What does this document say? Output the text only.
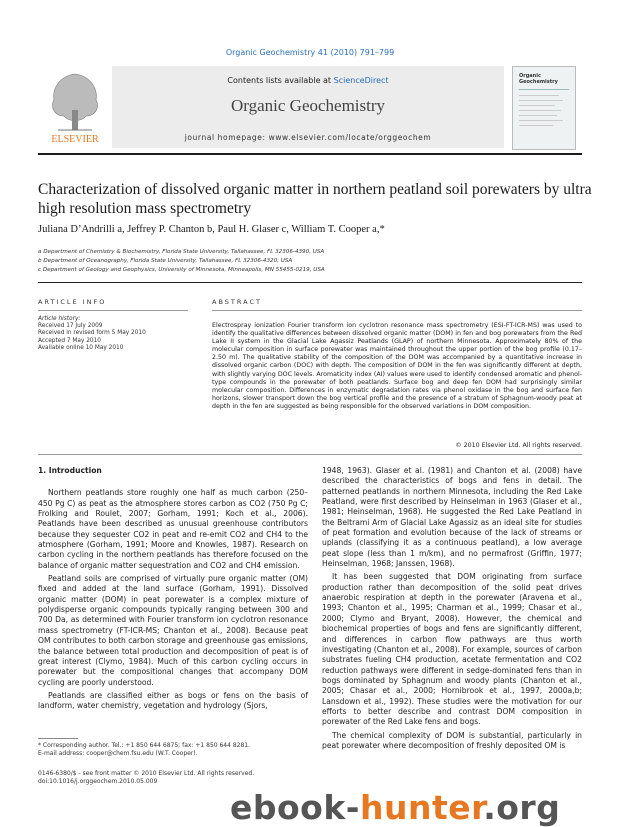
Organic Geochemistry 41 (2010) 791–799
ELSEVIER
Contents lists available at ScienceDirect
Organic Geochemistry
journal homepage: www.elsevier.com/locate/orggeochem
Organic Geochemistry
Characterization of dissolved organic matter in northern peatland soil porewaters by ultra high resolution mass spectrometry
Juliana D’Andrilli a, Jeffrey P. Chanton b, Paul H. Glaser c, William T. Cooper a,*
a Department of Chemistry & Biochemistry, Florida State University, Tallahassee, FL 32306-4390, USA
b Department of Oceanography, Florida State University, Tallahassee, FL 32306-4320, USA
c Department of Geology and Geophysics, University of Minnesota, Minneapolis, MN 55455-0219, USA
ARTICLE INFO	ABSTRACT
Article history:
Received 17 July 2009
Received in revised form 5 May 2010
Accepted 7 May 2010
Available online 10 May 2010
Electrospray ionization Fourier transform ion cyclotron resonance mass spectrometry (ESI-FT-ICR-MS) was used to identify the qualitative differences between dissolved organic matter (DOM) in fen and bog porewaters from the Red Lake II system in the Glacial Lake Agassiz Peatlands (GLAP) of northern Minnesota. Approximately 80% of the molecular composition in surface porewater was maintained throughout the upper portion of the bog profile (0.17–2.50 m). The qualitative stability of the composition of the DOM was accompanied by a quantitative increase in dissolved organic carbon (DOC) with depth. The composition of DOM in the fen was significantly different at depth, with slightly varying DOC levels. Aromaticity index (AI) values were used to identify condensed aromatic and phenol-type compounds in the porewater of both peatlands. Surface bog and deep fen DOM had surprisingly similar molecular composition. Differences in enzymatic degradation rates via phenol oxidase in the bog and surface fen horizons, slower transport down the bog vertical profile and the presence of a stratum of Sphagnum-woody peat at depth in the fen are suggested as being responsible for the observed variations in DOM composition.
© 2010 Elsevier Ltd. All rights reserved.
1. Introduction

Northern peatlands store roughly one half as much carbon (250–450 Pg C) as peat as the atmosphere stores carbon as CO2 (750 Pg C; Frolking and Roulet, 2007; Gorham, 1991; Koch et al., 2006). Peatlands have been described as unusual greenhouse contributors because they sequester CO2 in peat and re-emit CO2 and CH4 to the atmosphere (Gorham, 1991; Moore and Knowles, 1987). Research on carbon cycling in the northern peatlands has therefore focused on the balance of organic matter sequestration and CO2 and CH4 emission.

Peatland soils are comprised of virtually pure organic matter (OM) fixed and added at the land surface (Gorham, 1991). Dissolved organic matter (DOM) in peat porewater is a complex mixture of polydisperse organic compounds typically ranging between 300 and 700 Da, as determined with Fourier transform ion cyclotron resonance mass spectrometry (FT-ICR-MS; Chanton et al., 2008). Because peat OM contributes to both carbon storage and greenhouse gas emissions, the balance between total production and decomposition of peat is of great interest (Clymo, 1984). Much of this carbon cycling occurs in porewater but the compositional changes that accompany DOM cycling are poorly understood.

Peatlands are classified either as bogs or fens on the basis of landform, water chemistry, vegetation and hydrology (Sjors,

1948, 1963). Glaser et al. (1981) and Chanton et al. (2008) have described the characteristics of bogs and fens in detail. The patterned peatlands in northern Minnesota, including the Red Lake Peatland, were first described by Heinselman in 1963 (Glaser et al., 1981; Heinselman, 1968). He suggested the Red Lake Peatland in the Beltrami Arm of Glacial Lake Agassiz as an ideal site for studies of peat formation and evolution because of the lack of streams or uplands (classifying it as a continuous peatland), a low average peat slope (less than 1 m/km), and no permafrost (Griffin, 1977; Heinselman, 1968; Janssen, 1968).

It has been suggested that DOM originating from surface production rather than decomposition of the solid peat drives anaerobic respiration at depth in the porewater (Aravena et al., 1993; Chanton et al., 1995; Charman et al., 1999; Chasar et al., 2000; Clymo and Bryant, 2008). However, the chemical and biochemical properties of bogs and fens are significantly different, and differences in carbon flow pathways are thus worth investigating (Chanton et al., 2008). For example, sources of carbon substrates fueling CH4 production, acetate fermentation and CO2 reduction pathways were different in sedge-dominated fens than in bogs dominated by Sphagnum and woody plants (Chanton et al., 2005; Chasar et al., 2000; Hornibrook et al., 1997, 2000a,b; Lansdown et al., 1992). These studies were the motivation for our efforts to better describe and contrast DOM composition in porewater of the Red Lake fens and bogs.

The chemical complexity of DOM is substantial, particularly in peat porewater where decomposition of freshly deposited OM is

* Corresponding author. Tel.: +1 850 644 6875; fax: +1 850 644 8281.
E-mail address: cooper@chem.fsu.edu (W.T. Cooper).
0146-6380/$ - see front matter © 2010 Elsevier Ltd. All rights reserved.
doi:10.1016/j.orggeochem.2010.05.009
ebook-hunter.org
